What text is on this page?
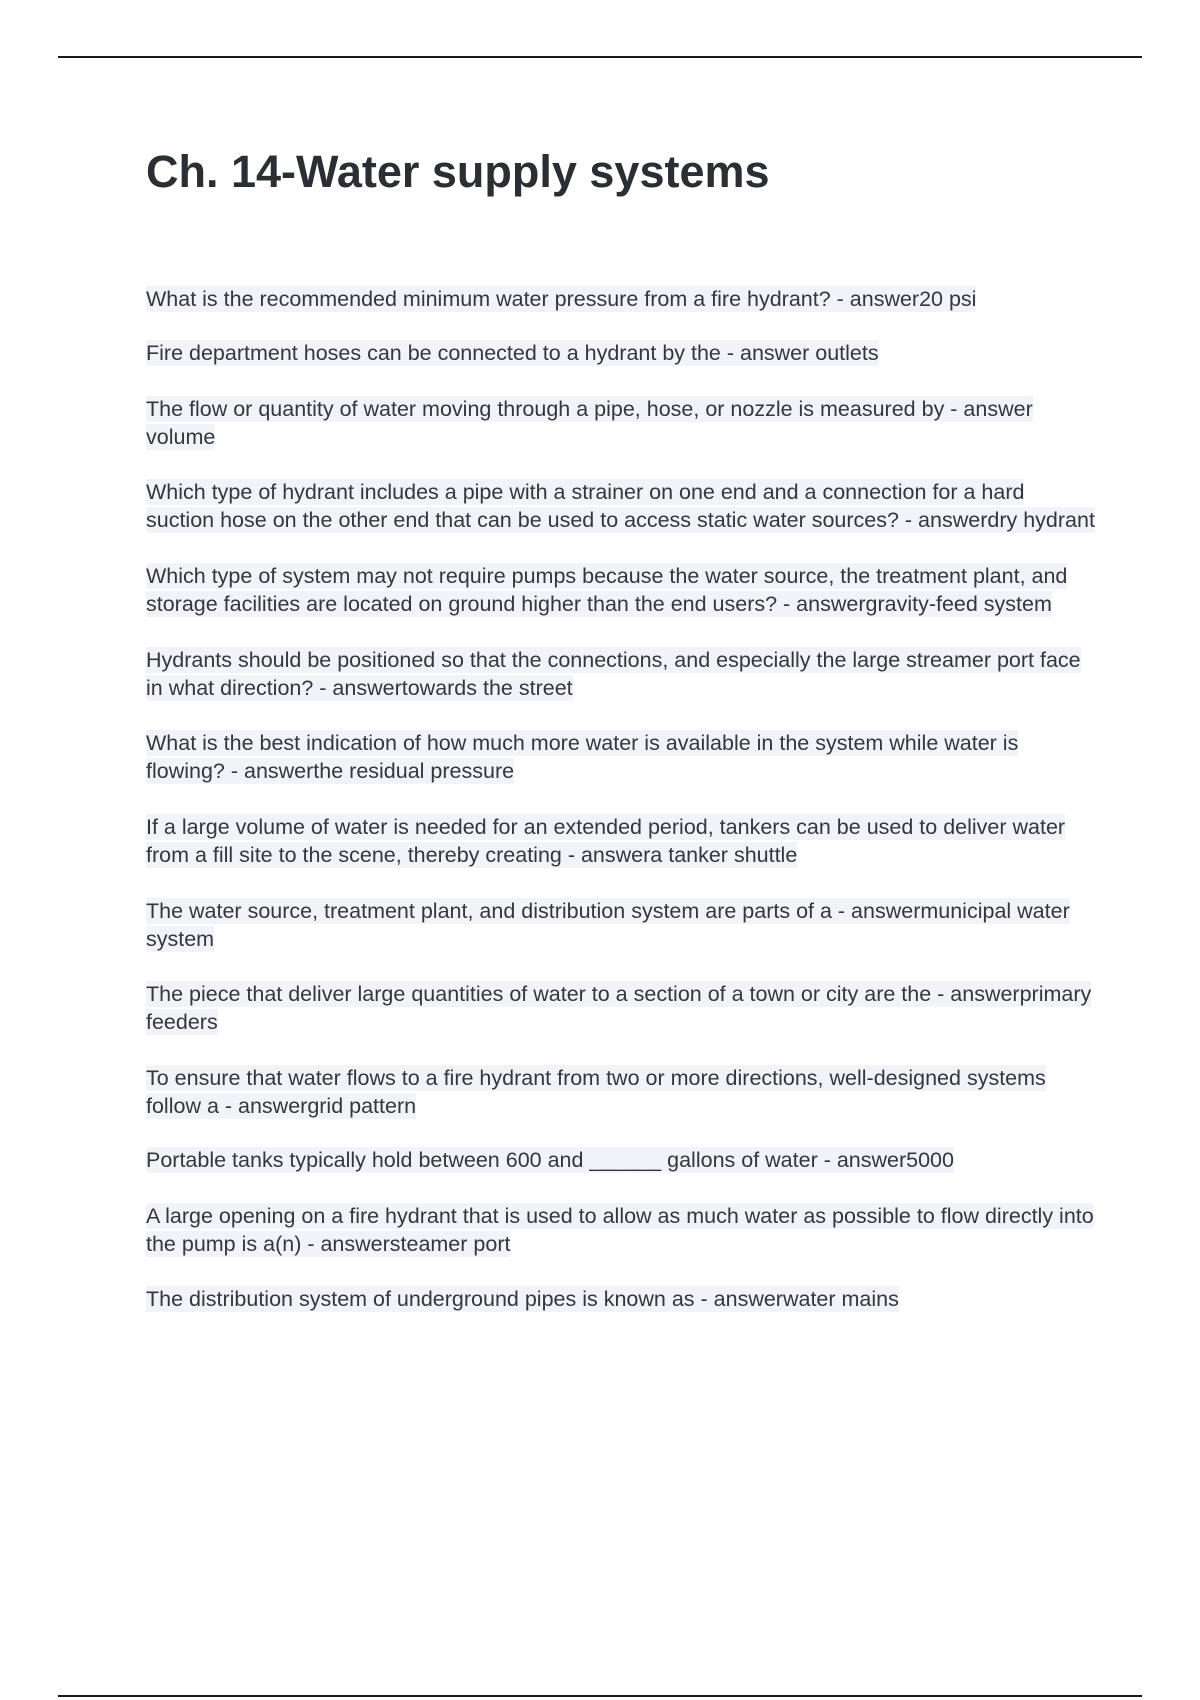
Ch. 14-Water supply systems

What is the recommended minimum water pressure from a fire hydrant? - answer20 psi

Fire department hoses can be connected to a hydrant by the - answer outlets

The flow or quantity of water moving through a pipe, hose, or nozzle is measured by - answer volume

Which type of hydrant includes a pipe with a strainer on one end and a connection for a hard suction hose on the other end that can be used to access static water sources? - answerdry hydrant

Which type of system may not require pumps because the water source, the treatment plant, and storage facilities are located on ground higher than the end users? - answergravity-feed system

Hydrants should be positioned so that the connections, and especially the large streamer port face in what direction? - answertowards the street

What is the best indication of how much more water is available in the system while water is flowing? - answerthe residual pressure

If a large volume of water is needed for an extended period, tankers can be used to deliver water from a fill site to the scene, thereby creating - answera tanker shuttle

The water source, treatment plant, and distribution system are parts of a - answermunicipal water system

The piece that deliver large quantities of water to a section of a town or city are the - answerprimary feeders

To ensure that water flows to a fire hydrant from two or more directions, well-designed systems follow a - answergrid pattern

Portable tanks typically hold between 600 and ______ gallons of water - answer5000

A large opening on a fire hydrant that is used to allow as much water as possible to flow directly into the pump is a(n) - answersteamer port

The distribution system of underground pipes is known as - answerwater mains
